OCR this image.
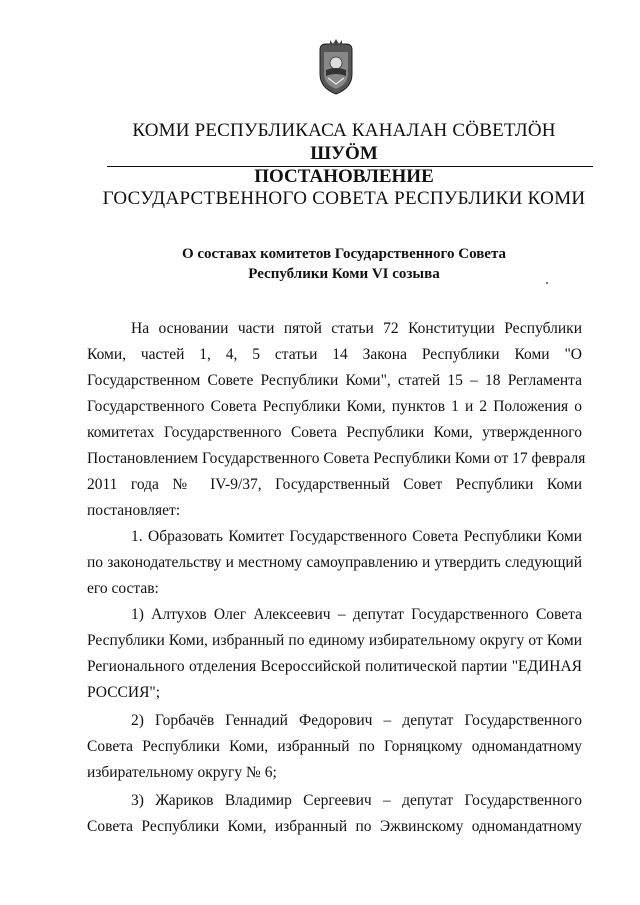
КОМИ РЕСПУБЛИКАСА КАНАЛАН СӦВЕТЛӦН
ШУӦМ
ПОСТАНОВЛЕНИЕ
ГОСУДАРСТВЕННОГО СОВЕТА РЕСПУБЛИКИ КОМИ
О составах комитетов Государственного Совета
Республики Коми VI созыва
На основании части пятой статьи 72 Конституции Республики
Коми, частей 1, 4, 5 статьи 14 Закона Республики Коми "О
Государственном Совете Республики Коми", статей 15 – 18 Регламента
Государственного Совета Республики Коми, пунктов 1 и 2 Положения о
комитетах Государственного Совета Республики Коми, утвержденного
Постановлением Государственного Совета Республики Коми от 17 февраля
2011 года № IV-9/37, Государственный Совет Республики Коми
постановляет:
1. Образовать Комитет Государственного Совета Республики Коми
по законодательству и местному самоуправлению и утвердить следующий
его состав:
1) Алтухов Олег Алексеевич – депутат Государственного Совета
Республики Коми, избранный по единому избирательному округу от Коми
Регионального отделения Всероссийской политической партии "ЕДИНАЯ
РОССИЯ";
2) Горбачёв Геннадий Федорович – депутат Государственного
Совета Республики Коми, избранный по Горняцкому одномандатному
избирательному округу № 6;
3) Жариков Владимир Сергеевич – депутат Государственного
Совета Республики Коми, избранный по Эжвинскому одномандатному
